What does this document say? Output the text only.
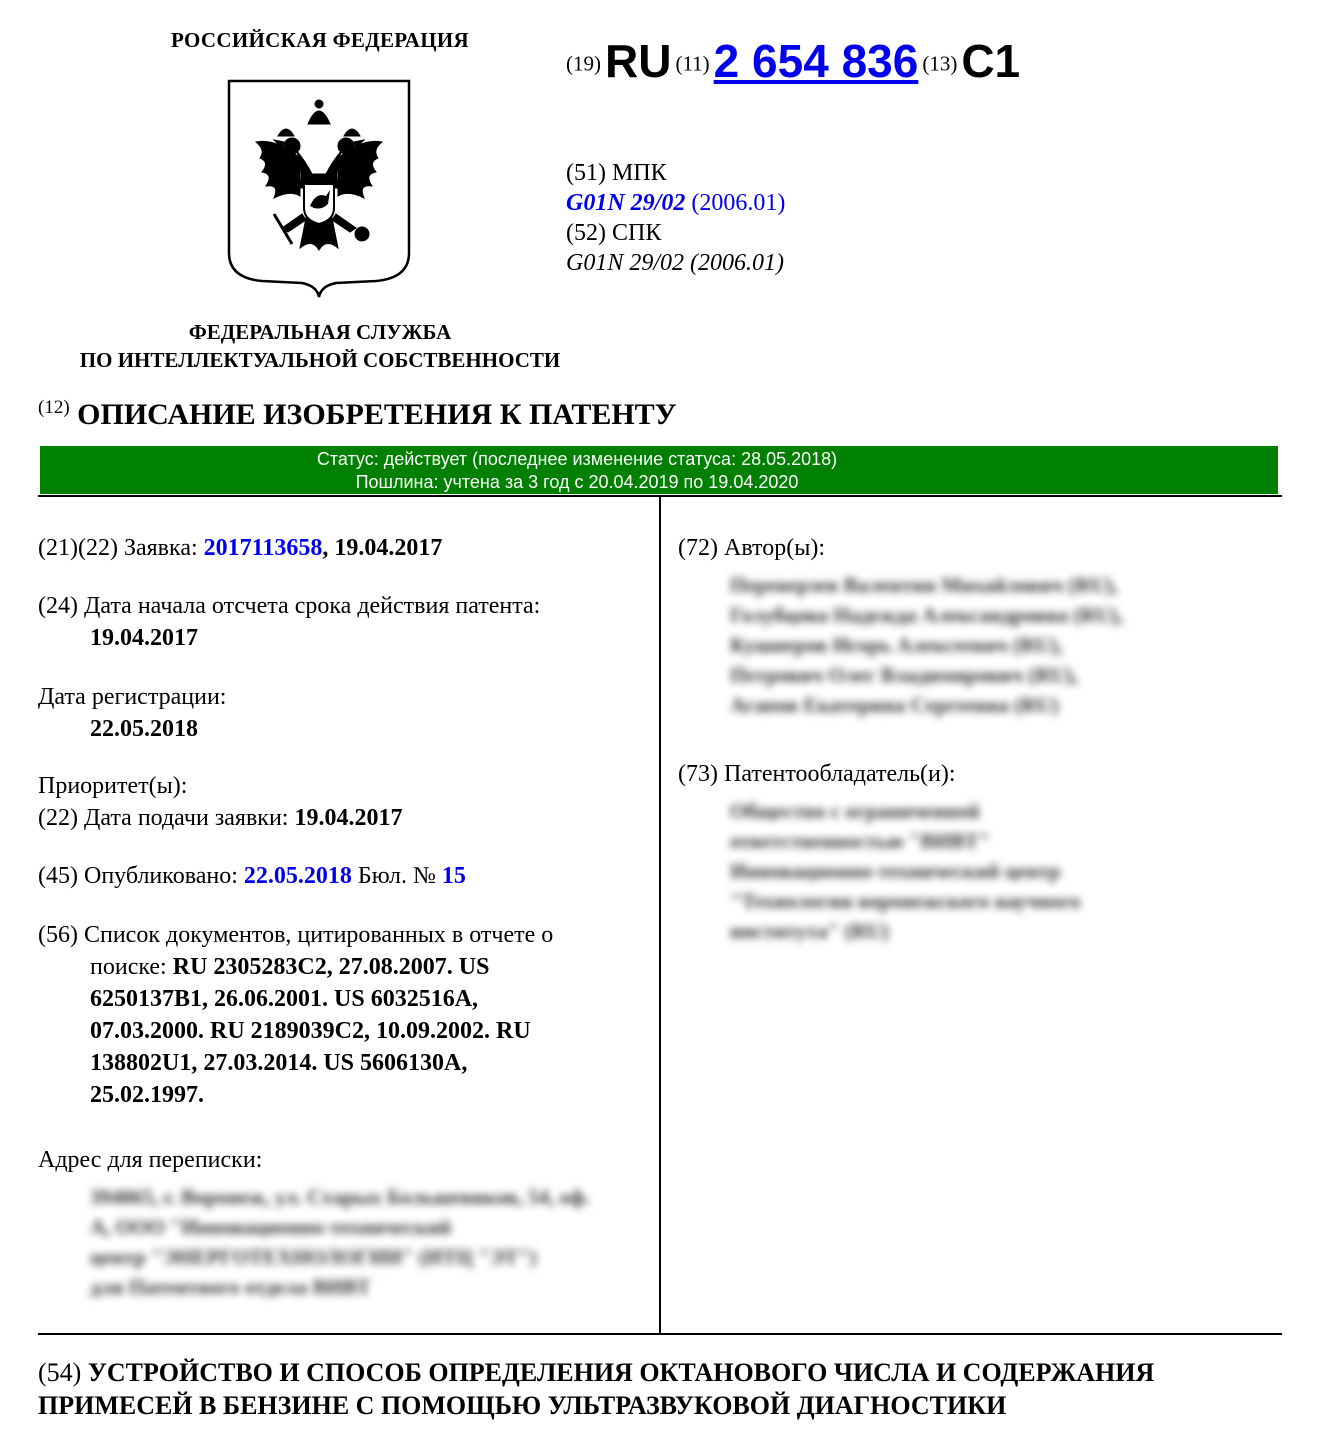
РОССИЙСКАЯ ФЕДЕРАЦИЯ
ФЕДЕРАЛЬНАЯ СЛУЖБА
ПО ИНТЕЛЛЕКТУАЛЬНОЙ СОБСТВЕННОСТИ
(19) RU (11) 2 654 836 (13) C1
(51) МПК
G01N 29/02 (2006.01)
(52) СПК
G01N 29/02 (2006.01)
$^{(12)}$ ОПИСАНИЕ ИЗОБРЕТЕНИЯ К ПАТЕНТУ
Статус: действует (последнее изменение статуса: 28.05.2018)
Пошлина: учтена за 3 год с 20.04.2019 по 19.04.2020
(21)(22) Заявка: 2017113658, 19.04.2017
(24) Дата начала отсчета срока действия патента:
19.04.2017
Дата регистрации:
22.05.2018
Приоритет(ы):
(22) Дата подачи заявки: 19.04.2017
(45) Опубликовано: 22.05.2018 Бюл. № 15
(56) Список документов, цитированных в отчете о
поиске: RU 2305283C2, 27.08.2007. US
6250137B1, 26.06.2001. US 6032516A,
07.03.2000. RU 2189039C2, 10.09.2002. RU
138802U1, 27.03.2014. US 5606130A,
25.02.1997.
Адрес для переписки:
394065, г. Воронеж, ул. Старых Большевиков, 54, оф.
А, ООО "Инновационно-технический
центр "ЭНЕРГОТЕХНОЛОГИИ" (ИТЦ "ЭТ")
для Патентного отдела ВИВТ
(72) Автор(ы):
Переверзев Валентин Михайлович (RU),
Голубцова Надежда Александровна (RU),
Кушнеров Игорь Алексеевич (RU),
Петрович Олег Владимирович (RU),
Агапов Екатерина Сергеевна (RU)
(73) Патентообладатель(и):
Общество с ограниченной
ответственностью "ВИВТ"
Инновационно-технический центр
"Технологии воронежского научного
института" (RU)
(54) УСТРОЙСТВО И СПОСОБ ОПРЕДЕЛЕНИЯ ОКТАНОВОГО ЧИСЛА И СОДЕРЖАНИЯ ПРИМЕСЕЙ В БЕНЗИНЕ С ПОМОЩЬЮ УЛЬТРАЗВУКОВОЙ ДИАГНОСТИКИ
